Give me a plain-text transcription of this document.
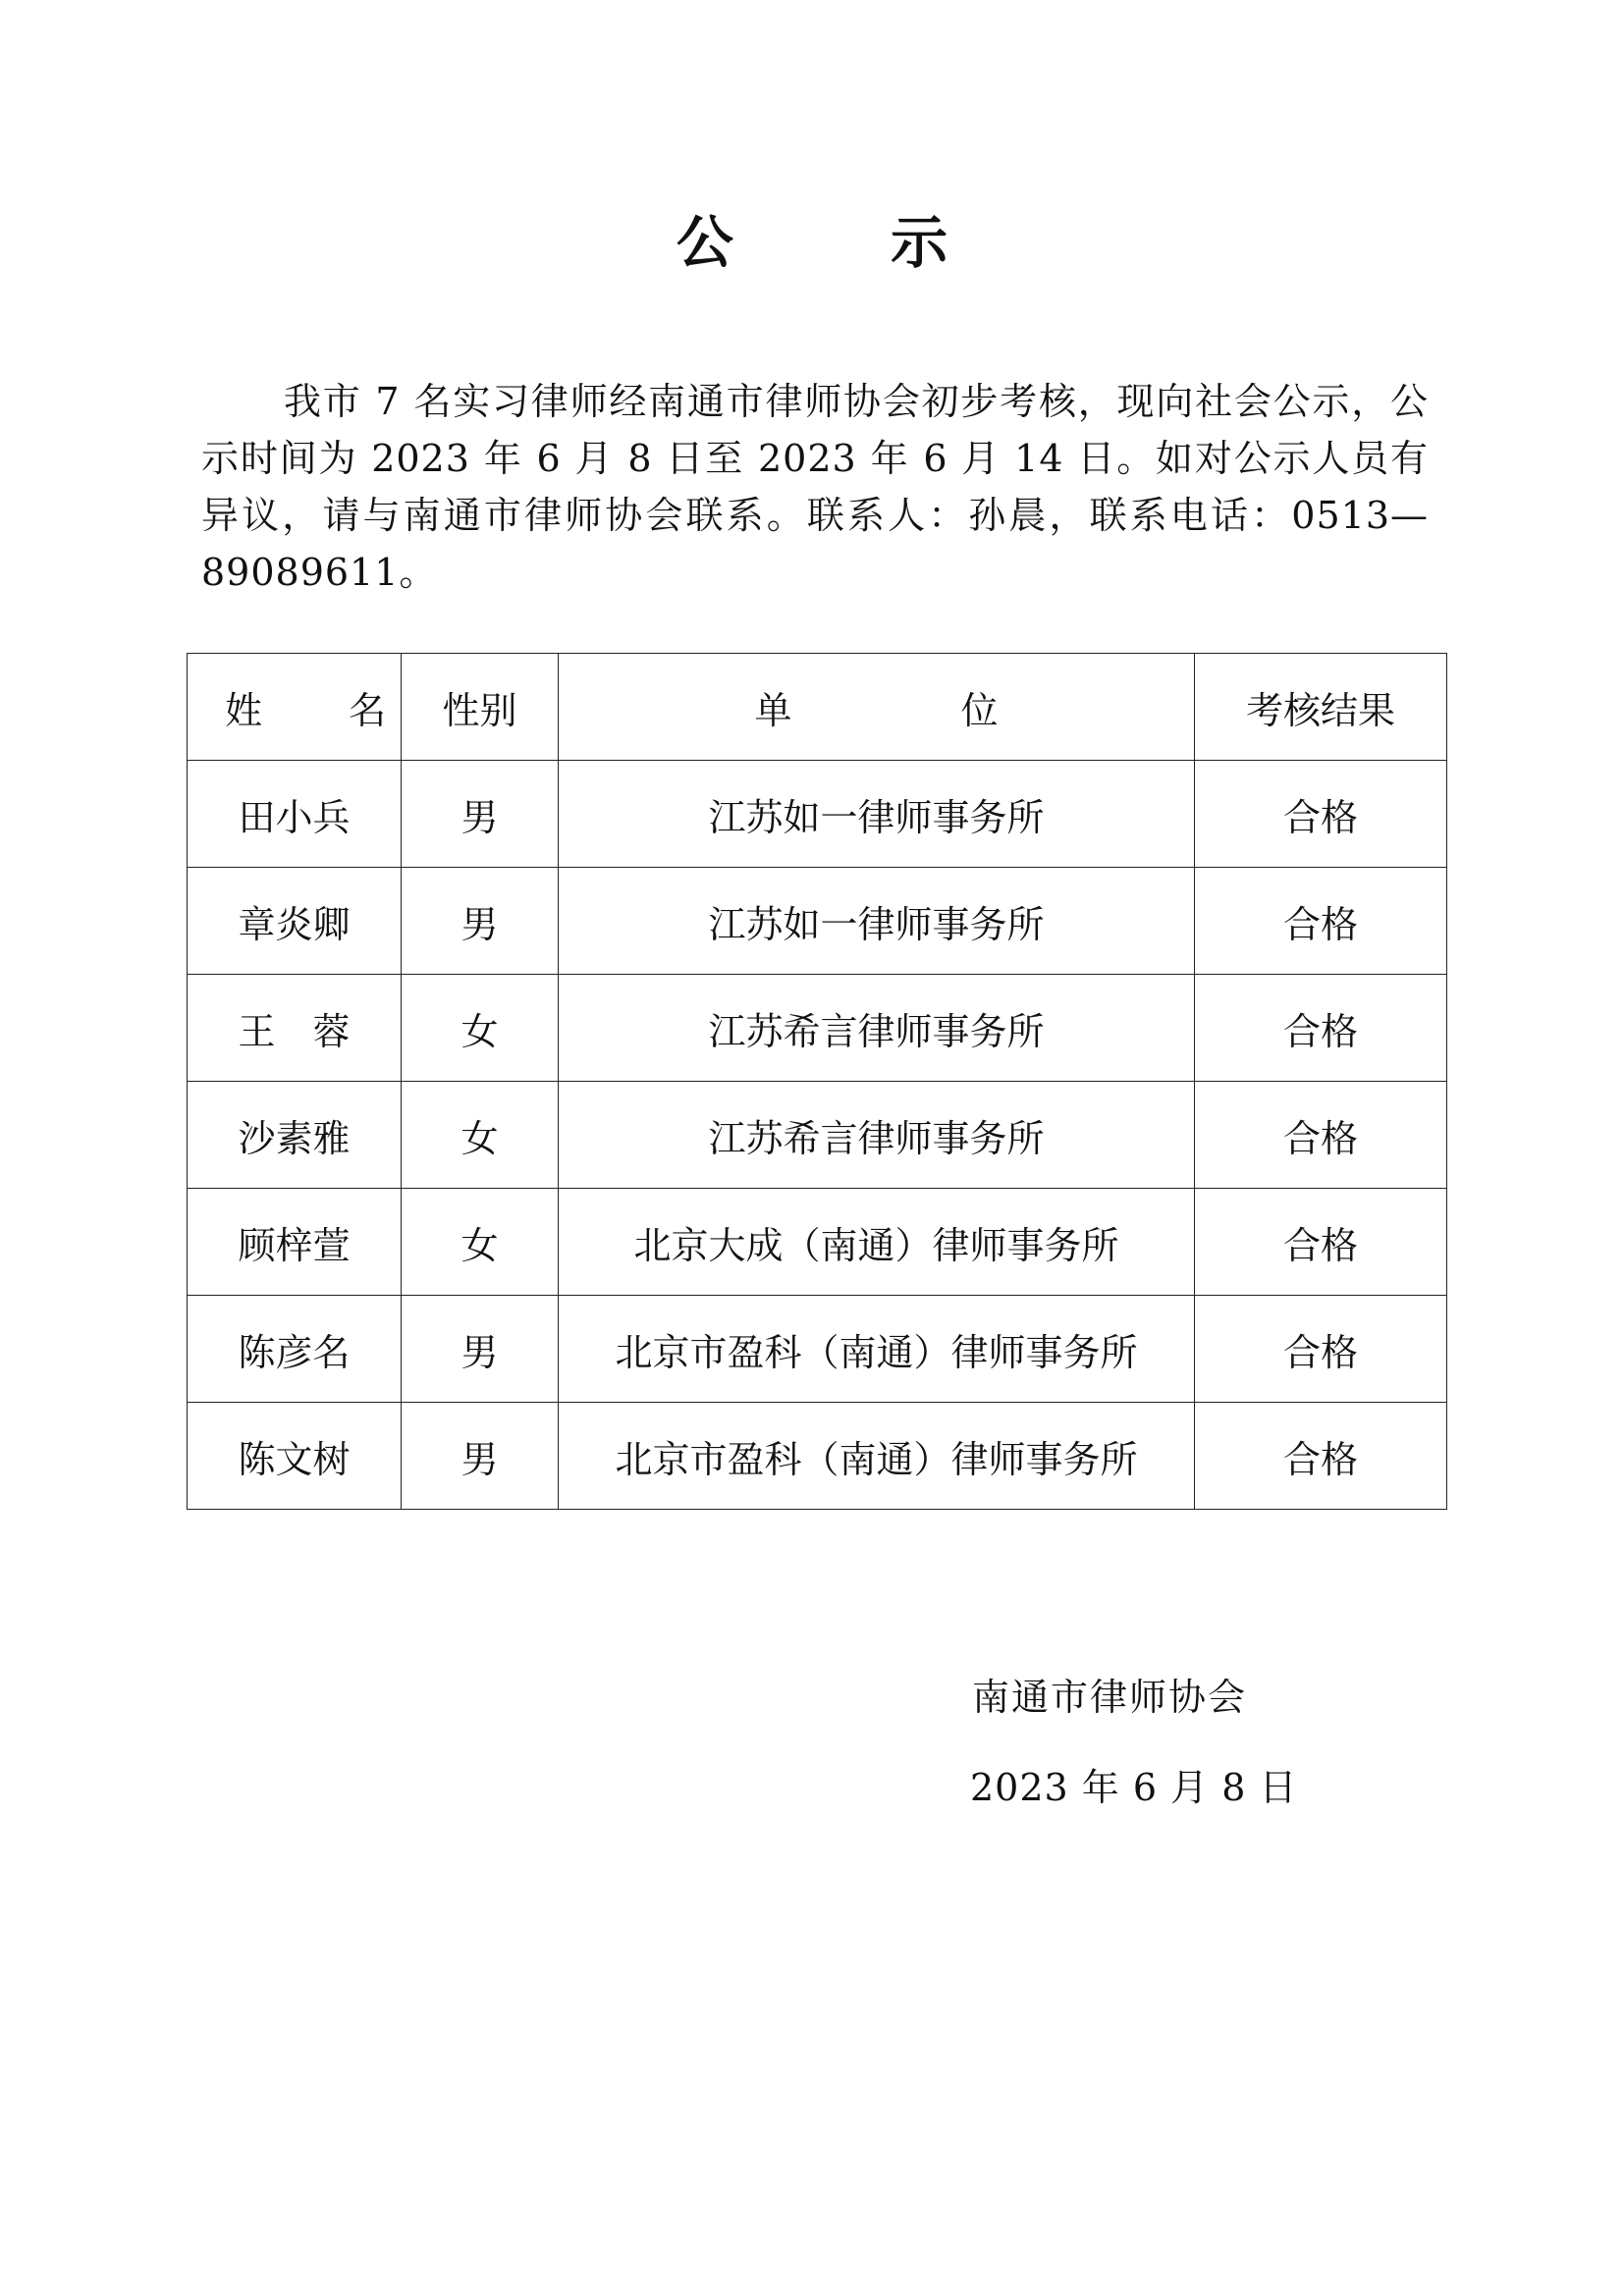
公 示

我市 7 名实习律师经南通市律师协会初步考核，现向社会公示，公示时间为 2023 年 6 月 8 日至 2023 年 6 月 14 日。如对公示人员有异议，请与南通市律师协会联系。联系人：孙晨，联系电话：0513—89089611。

姓 名	性别	单 位	考核结果
田小兵	男	江苏如一律师事务所	合格
章炎卿	男	江苏如一律师事务所	合格
王　蓉	女	江苏希言律师事务所	合格
沙素雅	女	江苏希言律师事务所	合格
顾梓萱	女	北京大成（南通）律师事务所	合格
陈彦名	男	北京市盈科（南通）律师事务所	合格
陈文树	男	北京市盈科（南通）律师事务所	合格
南通市律师协会
2023 年 6 月 8 日
